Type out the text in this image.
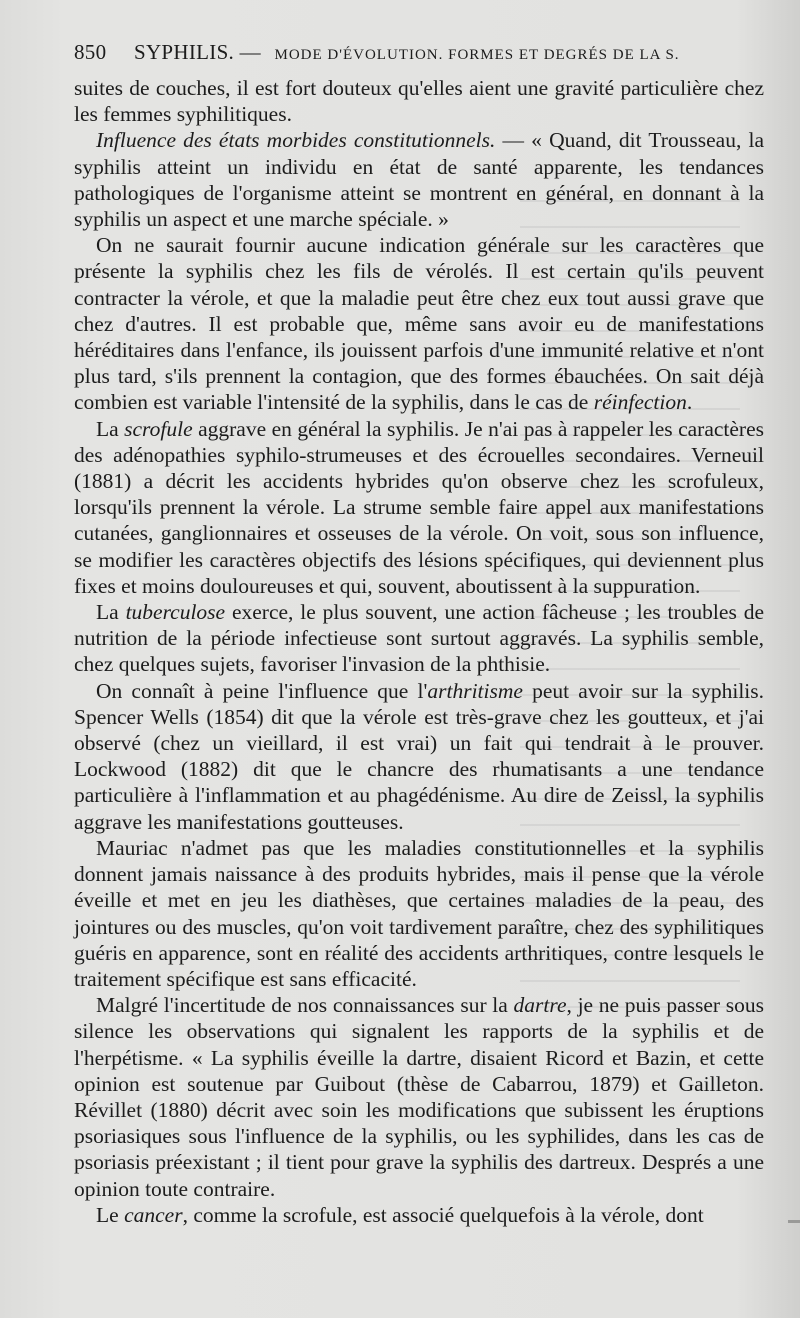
850 SYPHILIS. — MODE D'ÉVOLUTION. FORMES ET DEGRÉS DE LA S.

suites de couches, il est fort douteux qu'elles aient une gravité particulière chez les femmes syphilitiques.

Influence des états morbides constitutionnels. — « Quand, dit Trousseau, la syphilis atteint un individu en état de santé apparente, les tendances pathologiques de l'organisme atteint se montrent en général, en donnant à la syphilis un aspect et une marche spéciale. »

On ne saurait fournir aucune indication générale sur les caractères que présente la syphilis chez les fils de vérolés. Il est certain qu'ils peuvent contracter la vérole, et que la maladie peut être chez eux tout aussi grave que chez d'autres. Il est probable que, même sans avoir eu de manifestations héréditaires dans l'enfance, ils jouissent parfois d'une immunité relative et n'ont plus tard, s'ils prennent la contagion, que des formes ébauchées. On sait déjà combien est variable l'intensité de la syphilis, dans le cas de réinfection.

La scrofule aggrave en général la syphilis. Je n'ai pas à rappeler les caractères des adénopathies syphilo-strumeuses et des écrouelles secondaires. Verneuil (1881) a décrit les accidents hybrides qu'on observe chez les scrofuleux, lorsqu'ils prennent la vérole. La strume semble faire appel aux manifestations cutanées, ganglionnaires et osseuses de la vérole. On voit, sous son influence, se modifier les caractères objectifs des lésions spécifiques, qui deviennent plus fixes et moins douloureuses et qui, souvent, aboutissent à la suppuration.

La tuberculose exerce, le plus souvent, une action fâcheuse ; les troubles de nutrition de la période infectieuse sont surtout aggravés. La syphilis semble, chez quelques sujets, favoriser l'invasion de la phthisie.

On connaît à peine l'influence que l'arthritisme peut avoir sur la syphilis. Spencer Wells (1854) dit que la vérole est très-grave chez les goutteux, et j'ai observé (chez un vieillard, il est vrai) un fait qui tendrait à le prouver. Lockwood (1882) dit que le chancre des rhumatisants a une tendance particulière à l'inflammation et au phagédénisme. Au dire de Zeissl, la syphilis aggrave les manifestations goutteuses.

Mauriac n'admet pas que les maladies constitutionnelles et la syphilis donnent jamais naissance à des produits hybrides, mais il pense que la vérole éveille et met en jeu les diathèses, que certaines maladies de la peau, des jointures ou des muscles, qu'on voit tardivement paraître, chez des syphilitiques guéris en apparence, sont en réalité des accidents arthritiques, contre lesquels le traitement spécifique est sans efficacité.

Malgré l'incertitude de nos connaissances sur la dartre, je ne puis passer sous silence les observations qui signalent les rapports de la syphilis et de l'herpétisme. « La syphilis éveille la dartre, disaient Ricord et Bazin, et cette opinion est soutenue par Guibout (thèse de Cabarrou, 1879) et Gailleton. Révillet (1880) décrit avec soin les modifications que subissent les éruptions psoriasiques sous l'influence de la syphilis, ou les syphilides, dans les cas de psoriasis préexistant ; il tient pour grave la syphilis des dartreux. Després a une opinion toute contraire.

Le cancer, comme la scrofule, est associé quelquefois à la vérole, dont
